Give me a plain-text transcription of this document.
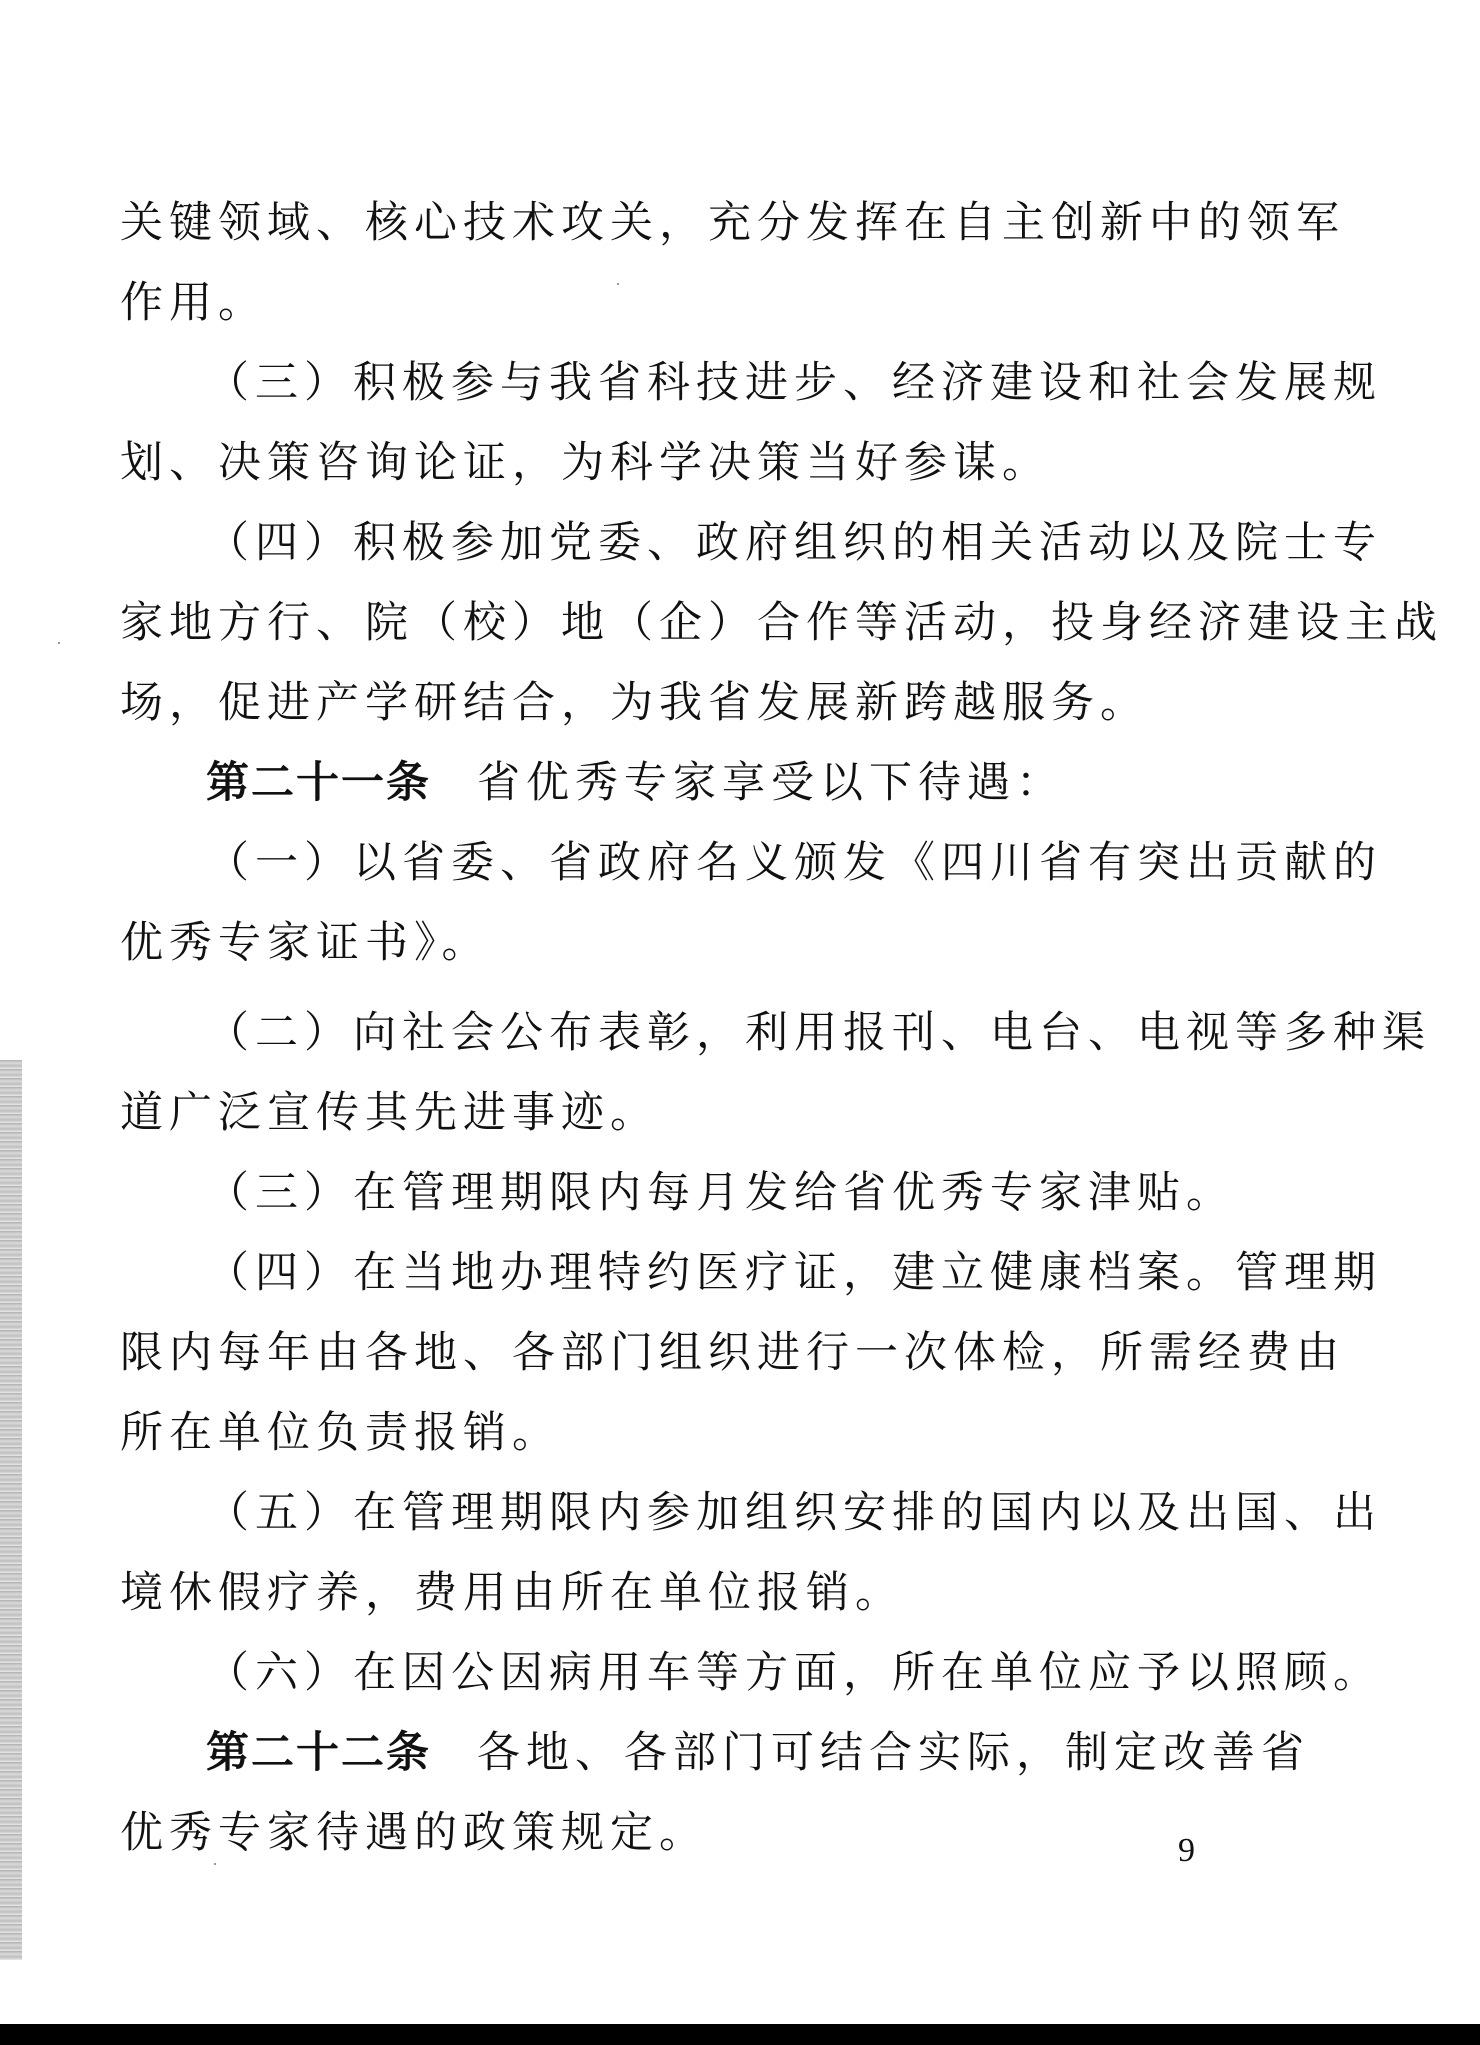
关键领域、核心技术攻关，充分发挥在自主创新中的领军
作用。
（三）积极参与我省科技进步、经济建设和社会发展规
划、决策咨询论证，为科学决策当好参谋。
（四）积极参加党委、政府组织的相关活动以及院士专
家地方行、院（校）地（企）合作等活动，投身经济建设主战
场，促进产学研结合，为我省发展新跨越服务。
第二十一条 省优秀专家享受以下待遇：
（一）以省委、省政府名义颁发《四川省有突出贡献的
优秀专家证书》。
（二）向社会公布表彰，利用报刊、电台、电视等多种渠
道广泛宣传其先进事迹。
（三）在管理期限内每月发给省优秀专家津贴。
（四）在当地办理特约医疗证，建立健康档案。管理期
限内每年由各地、各部门组织进行一次体检，所需经费由
所在单位负责报销。
（五）在管理期限内参加组织安排的国内以及出国、出
境休假疗养，费用由所在单位报销。
（六）在因公因病用车等方面，所在单位应予以照顾。
第二十二条 各地、各部门可结合实际，制定改善省
优秀专家待遇的政策规定。	9
